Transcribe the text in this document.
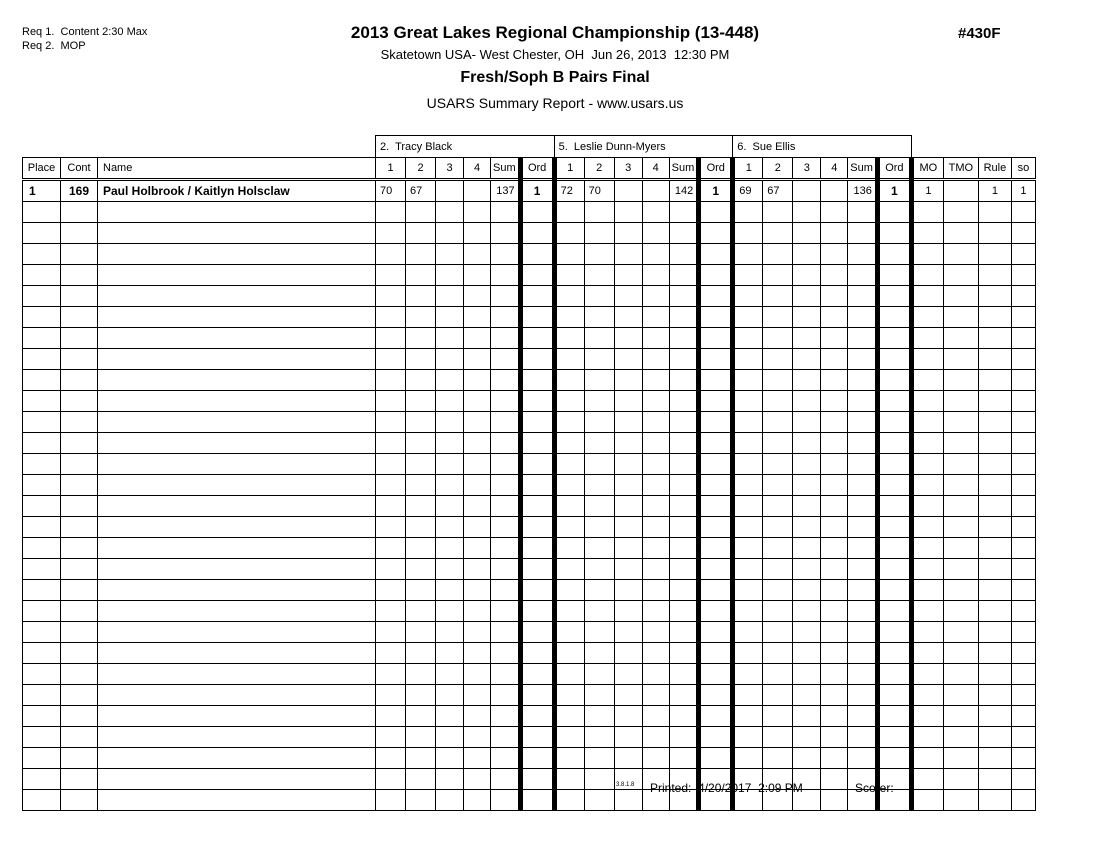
Req 1.  Content 2:30 Max
Req 2.  MOP
2013 Great Lakes Regional Championship (13-448)
Skatetown USA- West Chester, OH  Jun 26, 2013  12:30 PM
Fresh/Soph B Pairs Final
USARS Summary Report - www.usars.us
#430F
			2.  Tracy Black						5.  Leslie Dunn-Myers						6.  Sue Ellis									
Place	Cont	Name	1	2	3	4	Sum	Ord	1	2	3	4	Sum	Ord	1	2	3	4	Sum	Ord	MO	TMO	Rule	so
1	169	Paul Holbrook / Kaitlyn Holsclaw	70	67			137	1	72	70			142	1	69	67			136	1	1		1	1

3.8.1.8 Printed:  4/20/2017  2:09 PM	Scorer:
